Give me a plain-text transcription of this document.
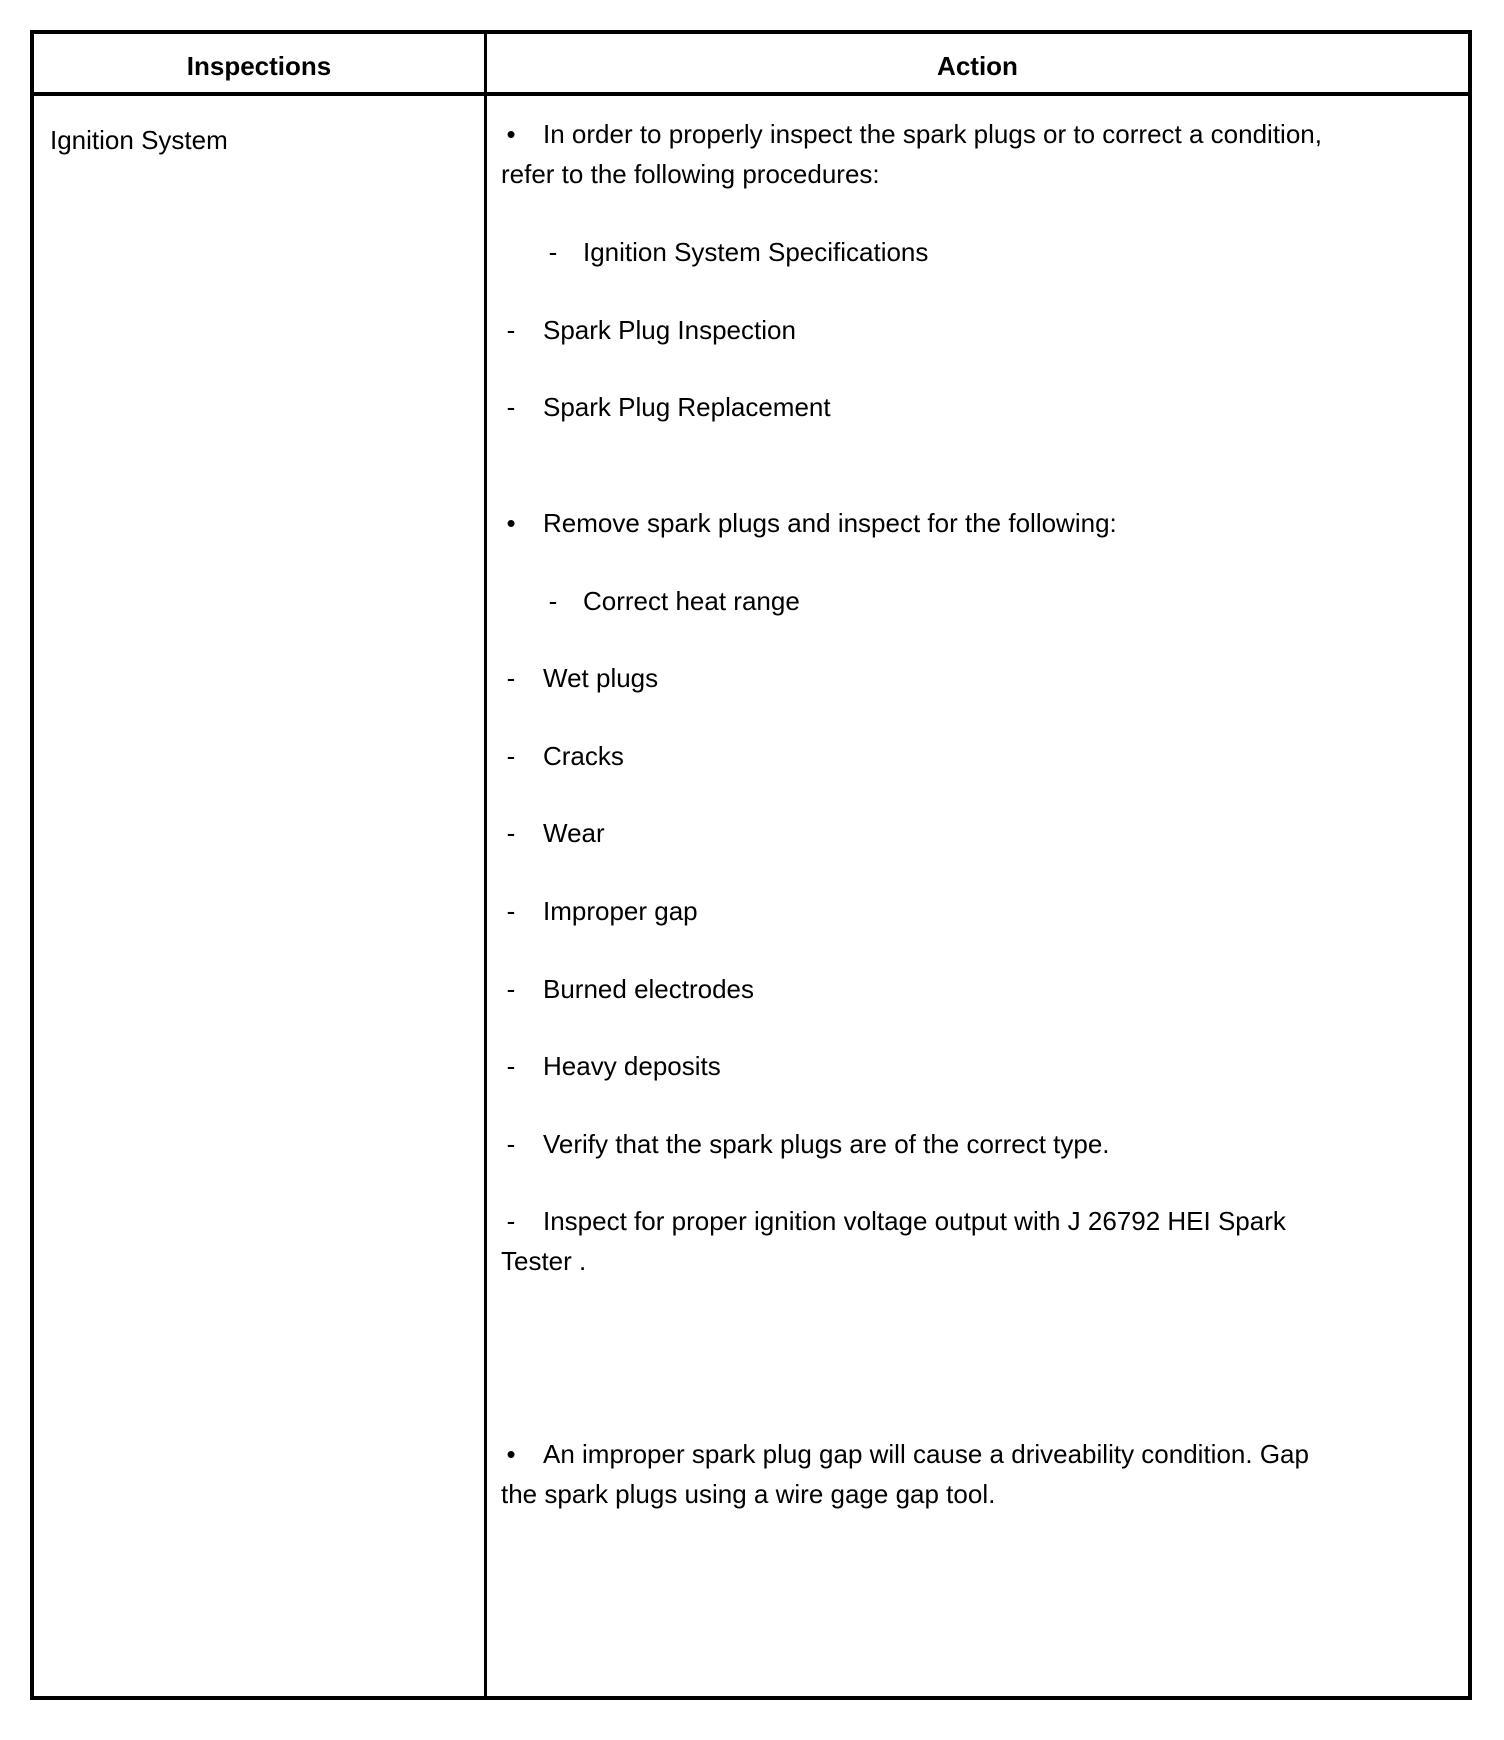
Inspections	Action
Ignition System	• In order to properly inspect the spark plugs or to correct a condition,
refer to the following procedures:
- Ignition System Specifications
- Spark Plug Inspection
- Spark Plug Replacement
• Remove spark plugs and inspect for the following:
- Correct heat range
- Wet plugs
- Cracks
- Wear
- Improper gap
- Burned electrodes
- Heavy deposits
- Verify that the spark plugs are of the correct type.
- Inspect for proper ignition voltage output with J 26792 HEI Spark
Tester .
• An improper spark plug gap will cause a driveability condition. Gap
the spark plugs using a wire gage gap tool.
